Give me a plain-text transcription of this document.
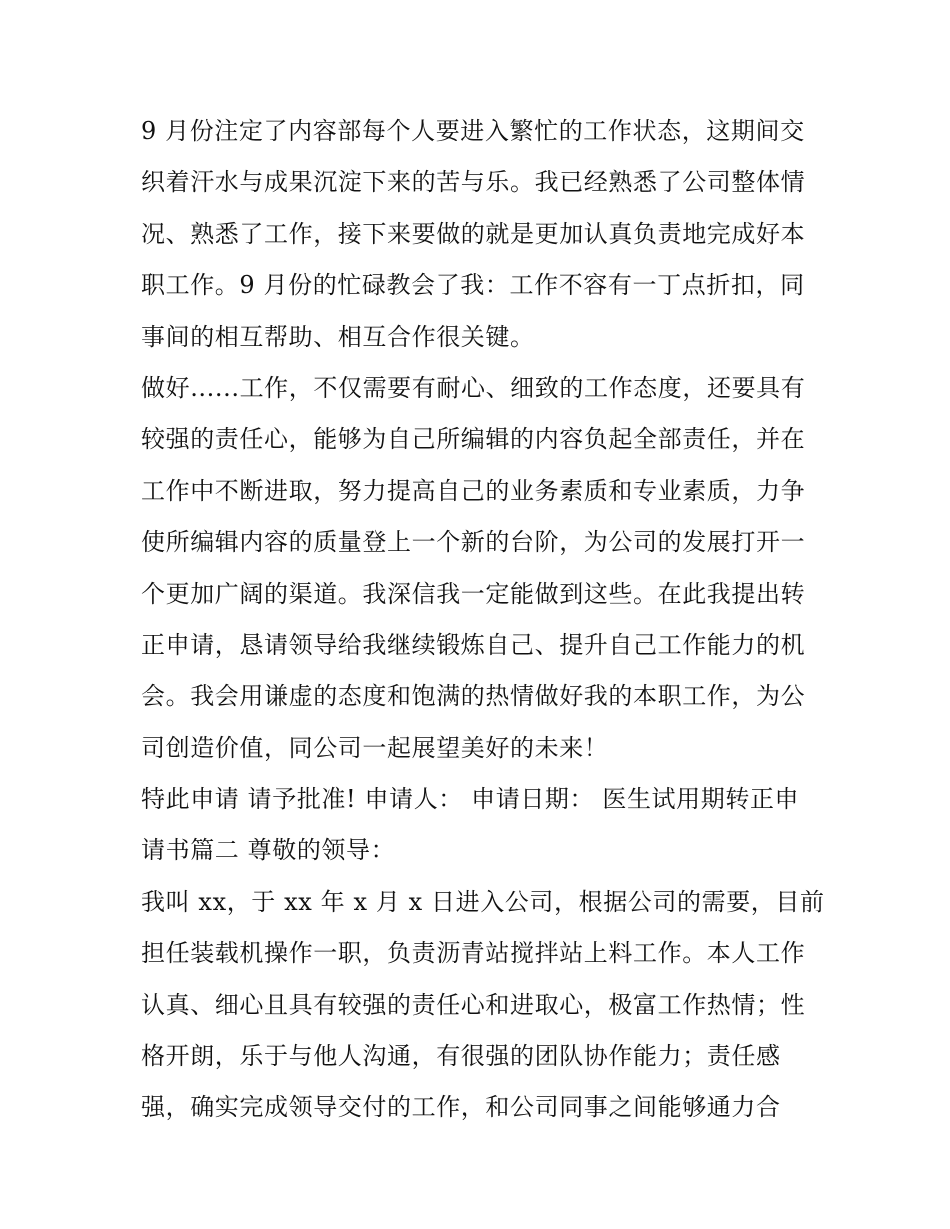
9 月份注定了内容部每个人要进入繁忙的工作状态，这期间交
织着汗水与成果沉淀下来的苦与乐。我已经熟悉了公司整体情
况、熟悉了工作，接下来要做的就是更加认真负责地完成好本
职工作。9 月份的忙碌教会了我：工作不容有一丁点折扣，同
事间的相互帮助、相互合作很关键。
做好......工作，不仅需要有耐心、细致的工作态度，还要具有
较强的责任心，能够为自己所编辑的内容负起全部责任，并在
工作中不断进取，努力提高自己的业务素质和专业素质，力争
使所编辑内容的质量登上一个新的台阶，为公司的发展打开一
个更加广阔的渠道。我深信我一定能做到这些。在此我提出转
正申请，恳请领导给我继续锻炼自己、提升自己工作能力的机
会。我会用谦虚的态度和饱满的热情做好我的本职工作，为公
司创造价值，同公司一起展望美好的未来！
特此申请 请予批准! 申请人： 申请日期： 医生试用期转正申
请书篇二 尊敬的领导：
我叫 xx，于 xx 年 x 月 x 日进入公司，根据公司的需要，目前
担任装载机操作一职，负责沥青站搅拌站上料工作。本人工作
认真、细心且具有较强的责任心和进取心，极富工作热情；性
格开朗，乐于与他人沟通，有很强的团队协作能力；责任感
强，确实完成领导交付的工作，和公司同事之间能够通力合
